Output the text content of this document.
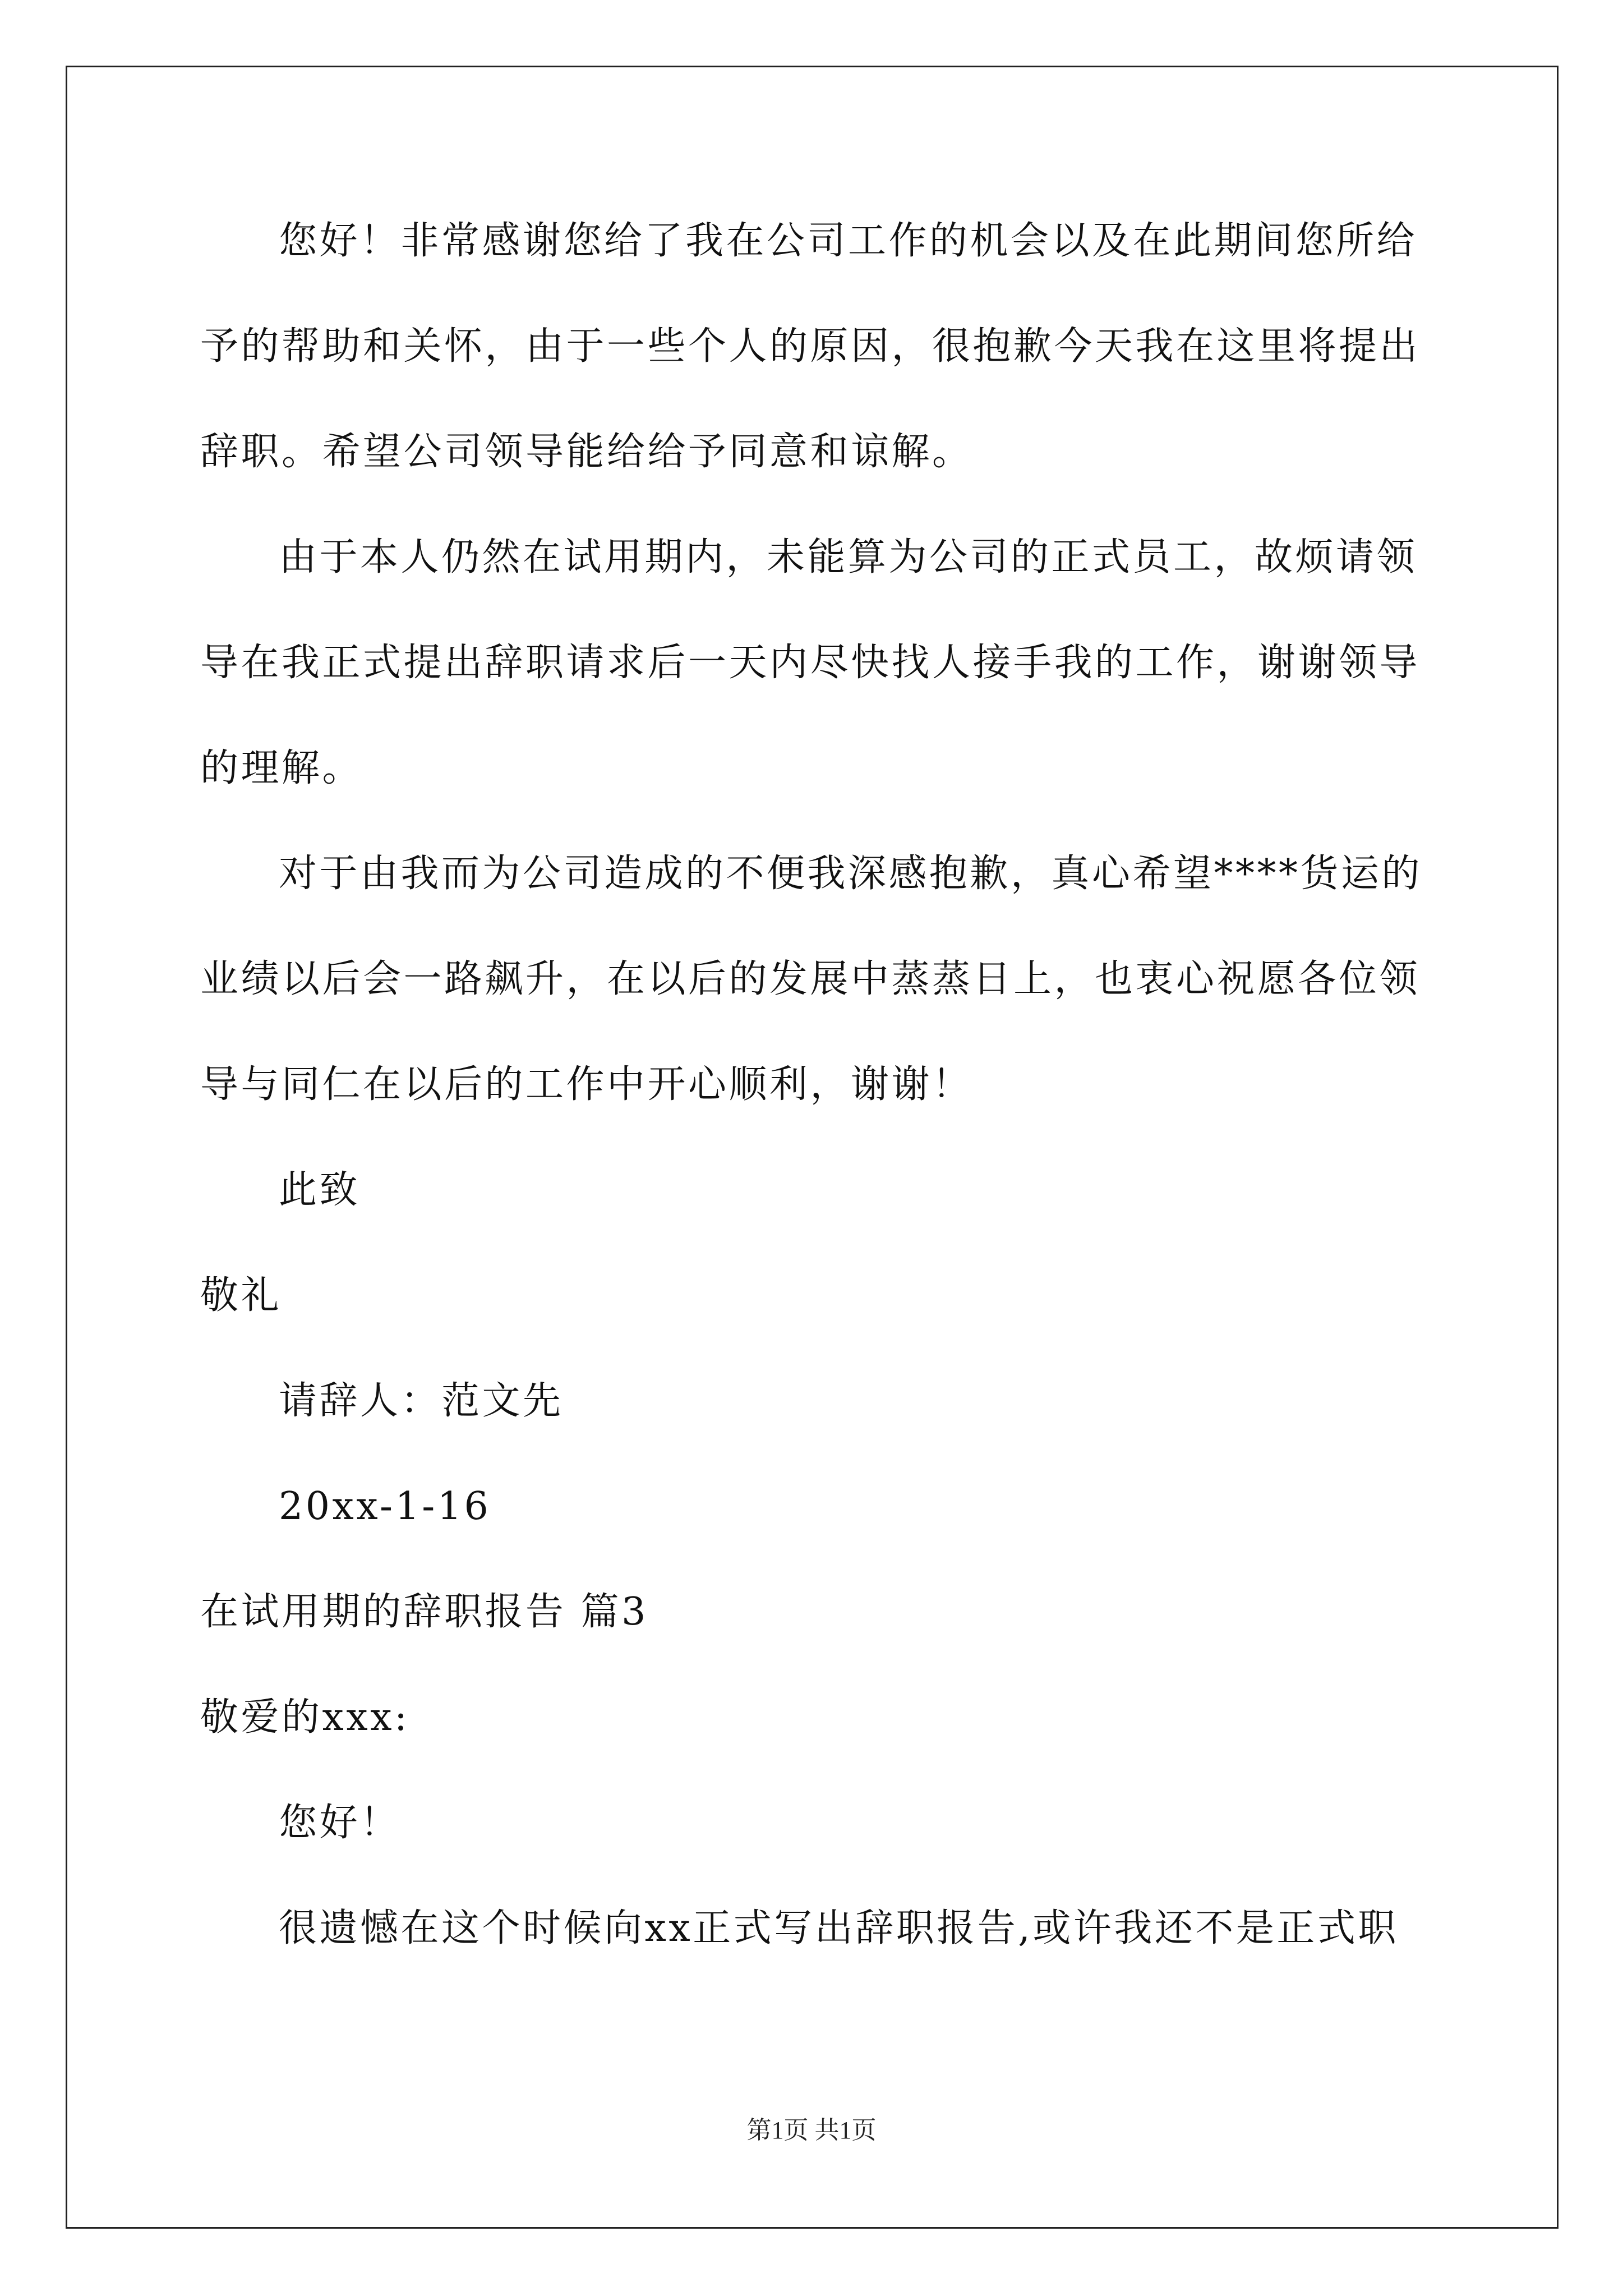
您好！非常感谢您给了我在公司工作的机会以及在此期间您所给
予的帮助和关怀，由于一些个人的原因，很抱歉今天我在这里将提出
辞职。希望公司领导能给给予同意和谅解。
由于本人仍然在试用期内，未能算为公司的正式员工，故烦请领
导在我正式提出辞职请求后一天内尽快找人接手我的工作，谢谢领导
的理解。
对于由我而为公司造成的不便我深感抱歉，真心希望****货运的
业绩以后会一路飙升，在以后的发展中蒸蒸日上，也衷心祝愿各位领
导与同仁在以后的工作中开心顺利，谢谢！
此致
敬礼
请辞人：范文先
20xx-1-16
在试用期的辞职报告 篇3
敬爱的xxx:
您好！
很遗憾在这个时候向xx正式写出辞职报告,或许我还不是正式职
第1页 共1页
